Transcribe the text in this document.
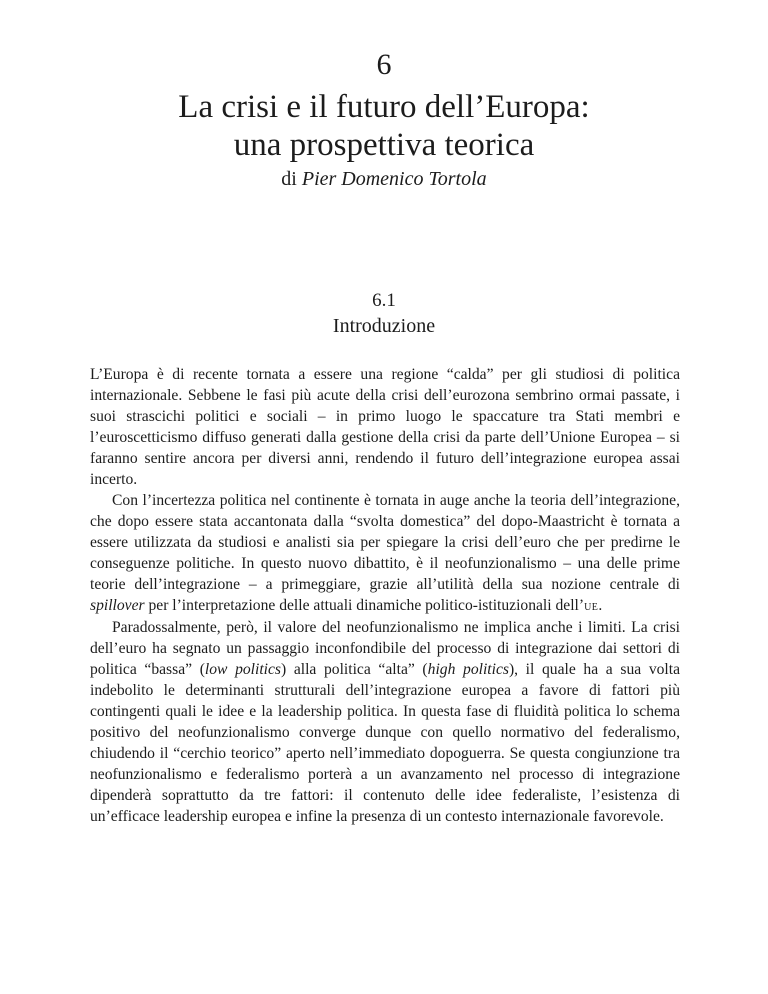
6
La crisi e il futuro dell’Europa:
una prospettiva teorica
di Pier Domenico Tortola
6.1
Introduzione

L’Europa è di recente tornata a essere una regione “calda” per gli studiosi di politica internazionale. Sebbene le fasi più acute della crisi dell’eurozona sembrino ormai passate, i suoi strascichi politici e sociali – in primo luogo le spaccature tra Stati membri e l’euroscetticismo diffuso generati dalla gestione della crisi da parte dell’Unione Europea – si faranno sentire ancora per diversi anni, rendendo il futuro dell’integrazione europea assai incerto.

Con l’incertezza politica nel continente è tornata in auge anche la teoria dell’integrazione, che dopo essere stata accantonata dalla “svolta domestica” del dopo-Maastricht è tornata a essere utilizzata da studiosi e analisti sia per spiegare la crisi dell’euro che per predirne le conseguenze politiche. In questo nuovo dibattito, è il neofunzionalismo – una delle prime teorie dell’integrazione – a primeggiare, grazie all’utilità della sua nozione centrale di spillover per l’interpretazione delle attuali dinamiche politico-istituzionali dell’ue.

Paradossalmente, però, il valore del neofunzionalismo ne implica anche i limiti. La crisi dell’euro ha segnato un passaggio inconfondibile del processo di integrazione dai settori di politica “bassa” (low politics) alla politica “alta” (high politics), il quale ha a sua volta indebolito le determinanti strutturali dell’integrazione europea a favore di fattori più contingenti quali le idee e la leadership politica. In questa fase di fluidità politica lo schema positivo del neofunzionalismo converge dunque con quello normativo del federalismo, chiudendo il “cerchio teorico” aperto nell’immediato dopoguerra. Se questa congiunzione tra neofunzionalismo e federalismo porterà a un avanzamento nel processo di integrazione dipenderà soprattutto da tre fattori: il contenuto delle idee federaliste, l’esistenza di un’efficace leadership europea e infine la presenza di un contesto internazionale favorevole.
